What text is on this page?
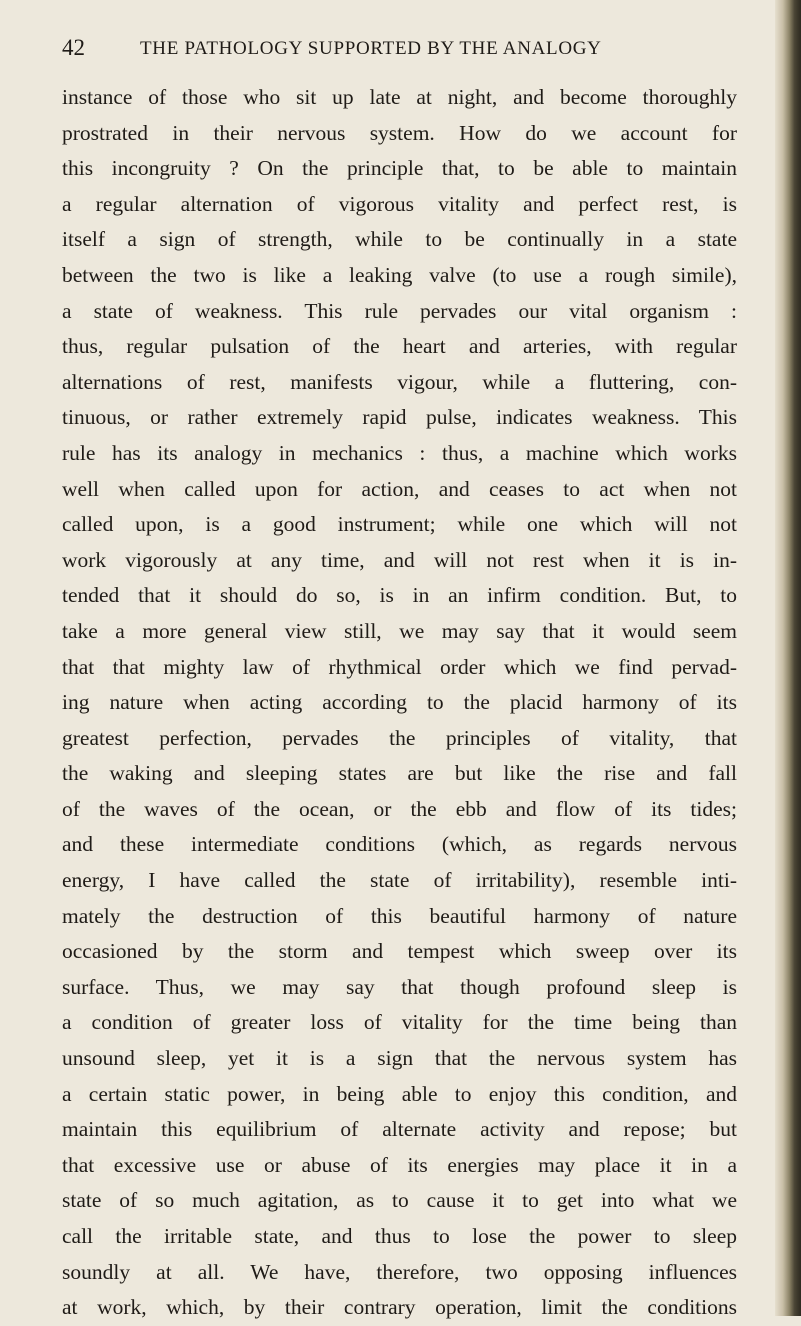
42	THE PATHOLOGY SUPPORTED BY THE ANALOGY
instance of those who sit up late at night, and become thoroughly
prostrated in their nervous system. How do we account for
this incongruity ? On the principle that, to be able to maintain
a regular alternation of vigorous vitality and perfect rest, is
itself a sign of strength, while to be continually in a state
between the two is like a leaking valve (to use a rough simile),
a state of weakness. This rule pervades our vital organism :
thus, regular pulsation of the heart and arteries, with regular
alternations of rest, manifests vigour, while a fluttering, con-
tinuous, or rather extremely rapid pulse, indicates weakness. This
rule has its analogy in mechanics : thus, a machine which works
well when called upon for action, and ceases to act when not
called upon, is a good instrument; while one which will not
work vigorously at any time, and will not rest when it is in-
tended that it should do so, is in an infirm condition. But, to
take a more general view still, we may say that it would seem
that that mighty law of rhythmical order which we find pervad-
ing nature when acting according to the placid harmony of its
greatest perfection, pervades the principles of vitality, that
the waking and sleeping states are but like the rise and fall
of the waves of the ocean, or the ebb and flow of its tides;
and these intermediate conditions (which, as regards nervous
energy, I have called the state of irritability), resemble inti-
mately the destruction of this beautiful harmony of nature
occasioned by the storm and tempest which sweep over its
surface. Thus, we may say that though profound sleep is
a condition of greater loss of vitality for the time being than
unsound sleep, yet it is a sign that the nervous system has
a certain static power, in being able to enjoy this condition, and
maintain this equilibrium of alternate activity and repose; but
that excessive use or abuse of its energies may place it in a
state of so much agitation, as to cause it to get into what we
call the irritable state, and thus to lose the power to sleep
soundly at all. We have, therefore, two opposing influences
at work, which, by their contrary operation, limit the conditions
